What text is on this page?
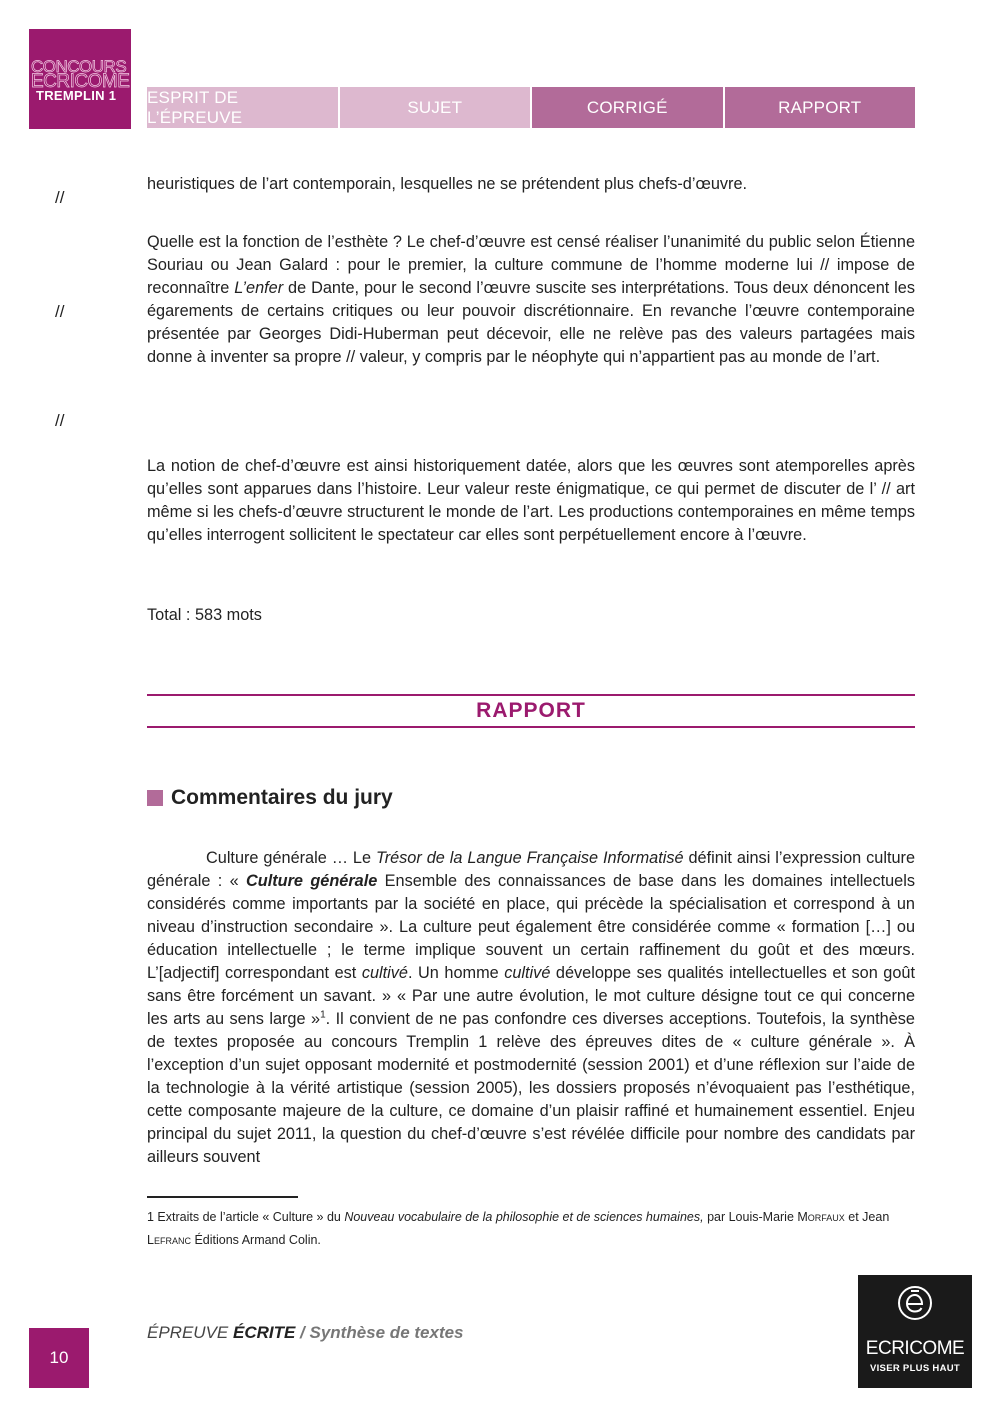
CONCOURS
ECRICOME
TREMPLIN 1 ESPRIT DE L’ÉPREUVE
SUJET	CORRIGÉ	RAPPORT
//
//
//

heuristiques de l’art contemporain, lesquelles ne se prétendent plus chefs-d’œuvre.

Quelle est la fonction de l’esthète ? Le chef-d’œuvre est censé réaliser l’unanimité du public selon Étienne Souriau ou Jean Galard : pour le premier, la culture commune de l’homme moderne lui // impose de reconnaître L’enfer de Dante, pour le second l’œuvre suscite ses interprétations. Tous deux dénoncent les égarements de certains critiques ou leur pouvoir discrétionnaire. En revanche l’œuvre contemporaine présentée par Georges Didi-Huberman peut décevoir, elle ne relève pas des valeurs partagées mais donne à inventer sa propre // valeur, y compris par le néophyte qui n’appartient pas au monde de l’art.

La notion de chef-d’œuvre est ainsi historiquement datée, alors que les œuvres sont atemporelles après qu’elles sont apparues dans l’histoire. Leur valeur reste énigmatique, ce qui permet de discuter de l’ // art même si les chefs-d’œuvre structurent le monde de l’art. Les productions contemporaines en même temps qu’elles interrogent sollicitent le spectateur car elles sont perpétuellement encore à l’œuvre.

Total : 583 mots

RAPPORT
Commentaires du jury

Culture générale … Le Trésor de la Langue Française Informatisé définit ainsi l’expression culture générale : « Culture générale Ensemble des connaissances de base dans les domaines intellectuels considérés comme importants par la société en place, qui précède la spécialisation et correspond à un niveau d’instruction secondaire ». La culture peut également être considérée comme « formation […] ou éducation intellectuelle ; le terme implique souvent un certain raffinement du goût et des mœurs. L’[adjectif] correspondant est cultivé. Un homme cultivé développe ses qualités intellectuelles et son goût sans être forcément un savant. » « Par une autre évolution, le mot culture désigne tout ce qui concerne les arts au sens large »$^1$. Il convient de ne pas confondre ces diverses acceptions. Toutefois, la synthèse de textes proposée au concours Tremplin 1 relève des épreuves dites de « culture générale ». À l’exception d’un sujet opposant modernité et postmodernité (session 2001) et d’une réflexion sur l’aide de la technologie à la vérité artistique (session 2005), les dossiers proposés n’évoquaient pas l’esthétique, cette composante majeure de la culture, ce domaine d’un plaisir raffiné et humainement essentiel. Enjeu principal du sujet 2011, la question du chef-d’œuvre s’est révélée difficile pour nombre des candidats par ailleurs souvent

1 Extraits de l’article « Culture » du Nouveau vocabulaire de la philosophie et de sciences humaines, par Louis-Marie Morfaux et Jean Lefranc Éditions Armand Colin.
ÉPREUVE ÉCRITE / Synthèse de textes
10	ECRICOME
VISER PLUS HAUT
